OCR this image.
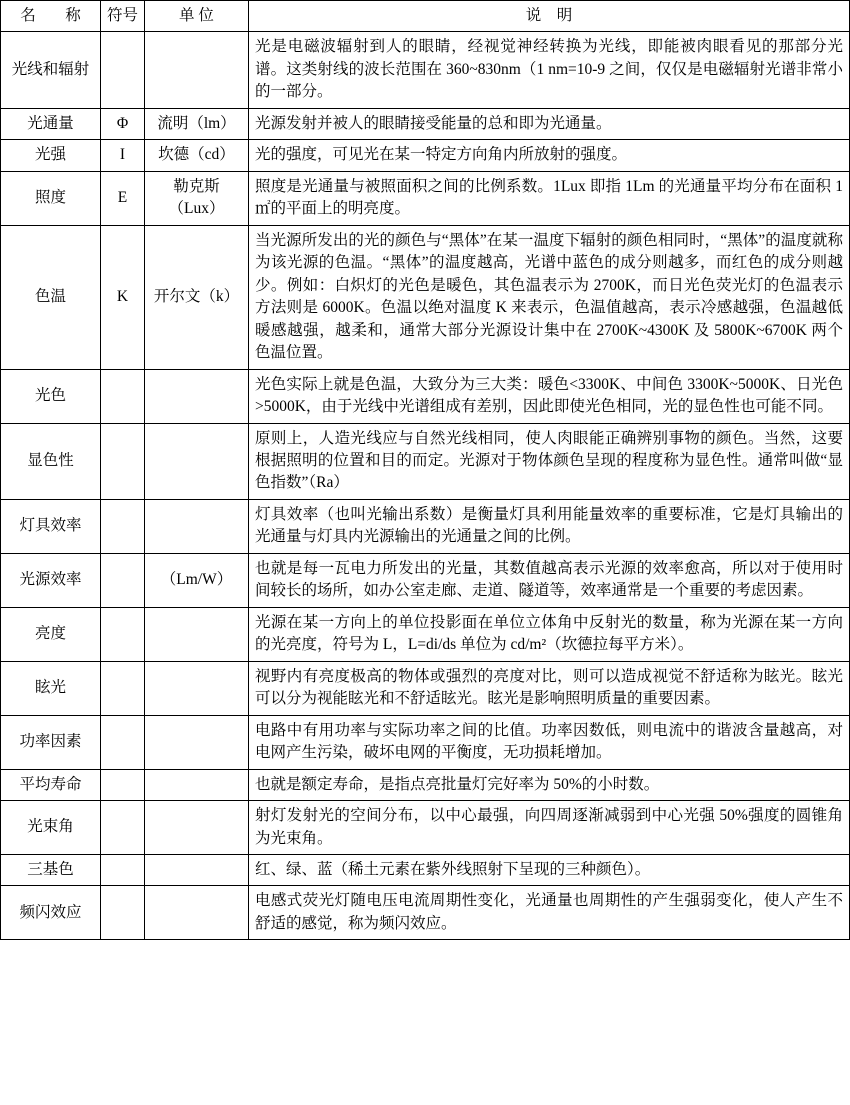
名　称	符号	单 位	说　明
光线和辐射			光是电磁波辐射到人的眼睛，经视觉神经转换为光线，即能被肉眼看见的那部分光谱。这类射线的波长范围在 360~830nm（1 nm=10-9 之间，仅仅是电磁辐射光谱非常小的一部分。
光通量	Φ	流明（lm）	光源发射并被人的眼睛接受能量的总和即为光通量。
光强	I	坎德（cd）	光的强度，可见光在某一特定方向角内所放射的强度。
照度	E	勒克斯（Lux）	照度是光通量与被照面积之间的比例系数。1Lux 即指 1Lm 的光通量平均分布在面积 1 ㎡的平面上的明亮度。
色温	K	开尔文（k）	当光源所发出的光的颜色与“黑体”在某一温度下辐射的颜色相同时，“黑体”的温度就称为该光源的色温。“黑体”的温度越高，光谱中蓝色的成分则越多，而红色的成分则越少。例如：白炽灯的光色是暖色，其色温表示为 2700K，而日光色荧光灯的色温表示方法则是 6000K。色温以绝对温度 K 来表示，色温值越高，表示冷感越强，色温越低暖感越强，越柔和，通常大部分光源设计集中在 2700K~4300K 及 5800K~6700K 两个色温位置。
光色			光色实际上就是色温，大致分为三大类：暖色<3300K、中间色 3300K~5000K、日光色>5000K，由于光线中光谱组成有差别，因此即使光色相同，光的显色性也可能不同。
显色性			原则上，人造光线应与自然光线相同，使人肉眼能正确辨别事物的颜色。当然，这要根据照明的位置和目的而定。光源对于物体颜色呈现的程度称为显色性。通常叫做“显色指数”（Ra）
灯具效率			灯具效率（也叫光输出系数）是衡量灯具利用能量效率的重要标准，它是灯具输出的光通量与灯具内光源输出的光通量之间的比例。
光源效率		（Lm/W）	也就是每一瓦电力所发出的光量，其数值越高表示光源的效率愈高，所以对于使用时间较长的场所，如办公室走廊、走道、隧道等，效率通常是一个重要的考虑因素。
亮度			光源在某一方向上的单位投影面在单位立体角中反射光的数量，称为光源在某一方向的光亮度，符号为 L，L=di/ds 单位为 cd/m²（坎德拉每平方米）。
眩光			视野内有亮度极高的物体或强烈的亮度对比，则可以造成视觉不舒适称为眩光。眩光可以分为视能眩光和不舒适眩光。眩光是影响照明质量的重要因素。
功率因素			电路中有用功率与实际功率之间的比值。功率因数低，则电流中的谐波含量越高，对电网产生污染，破坏电网的平衡度，无功损耗增加。
平均寿命			也就是额定寿命，是指点亮批量灯完好率为 50%的小时数。
光束角			射灯发射光的空间分布，以中心最强，向四周逐渐减弱到中心光强 50%强度的圆锥角为光束角。
三基色			红、绿、蓝（稀土元素在紫外线照射下呈现的三种颜色）。
频闪效应			电感式荧光灯随电压电流周期性变化，光通量也周期性的产生强弱变化，使人产生不舒适的感觉，称为频闪效应。
